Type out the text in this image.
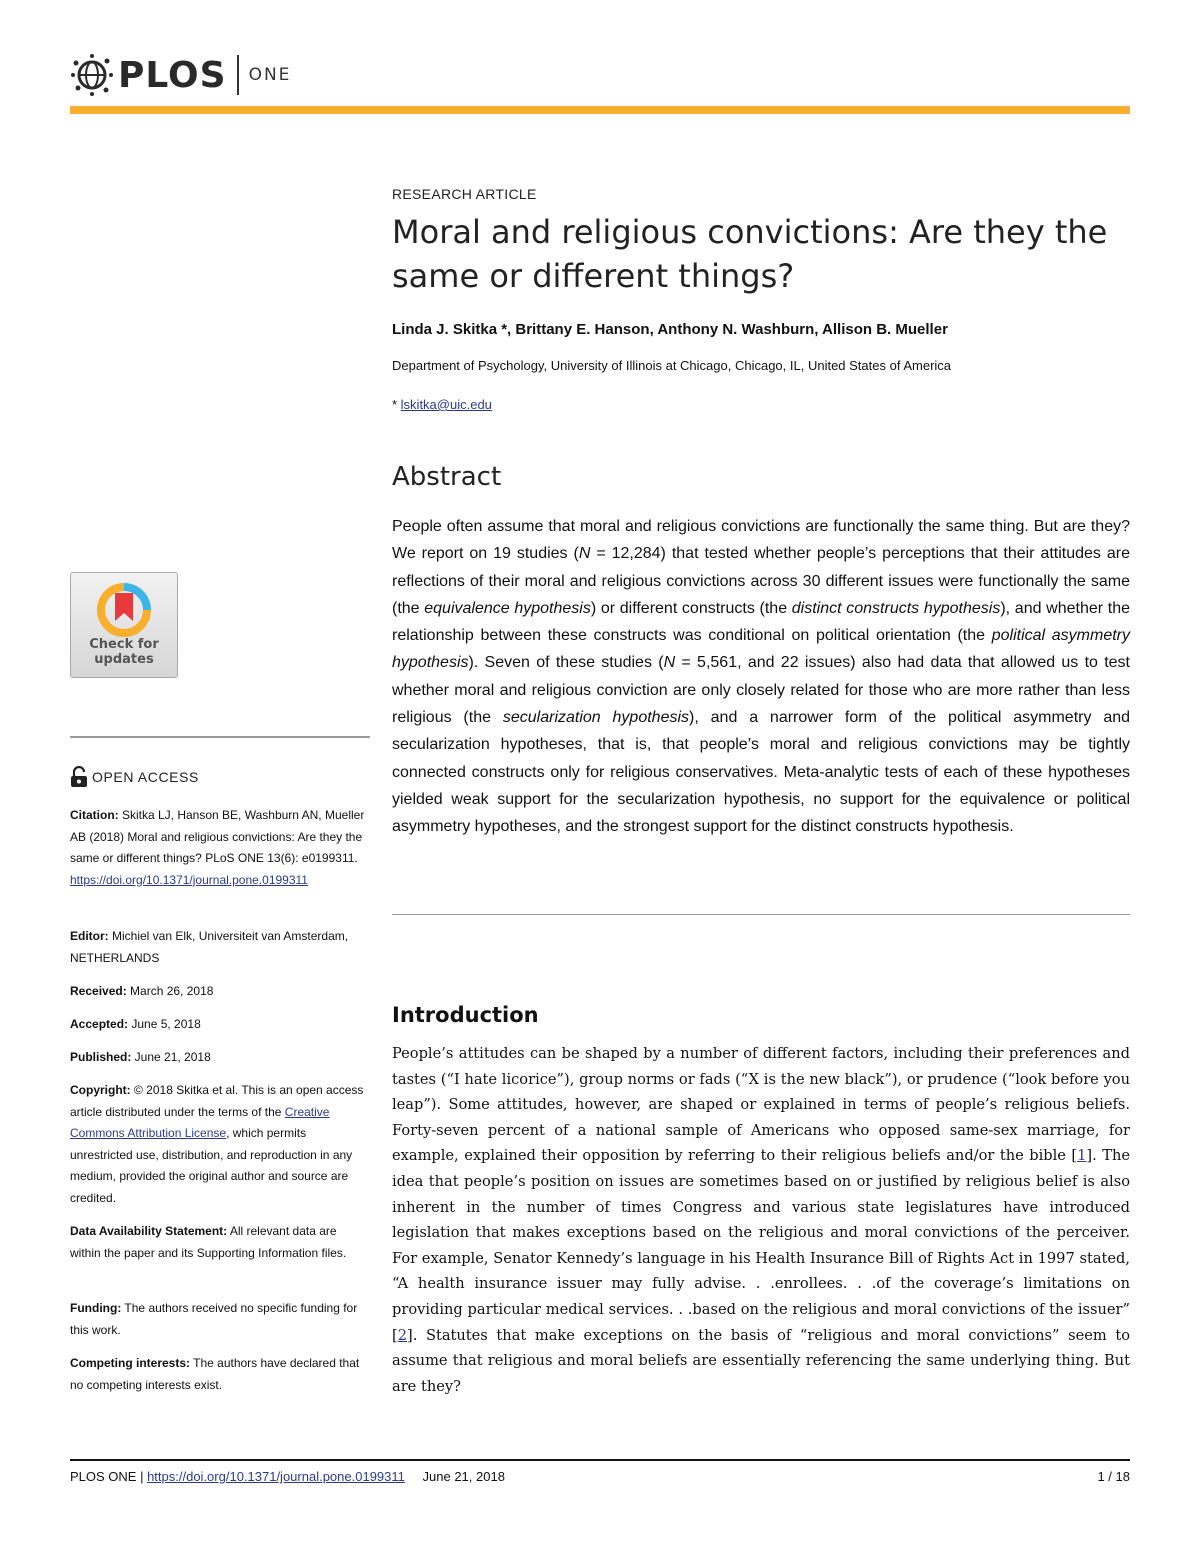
PLOS ONE
RESEARCH ARTICLE
Moral and religious convictions: Are they the same or different things?
Linda J. Skitka *, Brittany E. Hanson, Anthony N. Washburn, Allison B. Mueller
Department of Psychology, University of Illinois at Chicago, Chicago, IL, United States of America
* lskitka@uic.edu
Abstract

People often assume that moral and religious convictions are functionally the same thing. But are they? We report on 19 studies (N = 12,284) that tested whether people’s perceptions that their attitudes are reflections of their moral and religious convictions across 30 different issues were functionally the same (the equivalence hypothesis) or different constructs (the distinct constructs hypothesis), and whether the relationship between these constructs was conditional on political orientation (the political asymmetry hypothesis). Seven of these studies (N = 5,561, and 22 issues) also had data that allowed us to test whether moral and religious conviction are only closely related for those who are more rather than less religious (the secularization hypothesis), and a narrower form of the political asymmetry and secularization hypotheses, that is, that people’s moral and religious convictions may be tightly connected constructs only for religious conservatives. Meta-analytic tests of each of these hypotheses yielded weak support for the secularization hypothesis, no support for the equivalence or political asymmetry hypotheses, and the strongest support for the distinct constructs hypothesis.

Introduction

People’s attitudes can be shaped by a number of different factors, including their preferences and tastes (“I hate licorice”), group norms or fads (“X is the new black”), or prudence (“look before you leap”). Some attitudes, however, are shaped or explained in terms of people’s religious beliefs. Forty-seven percent of a national sample of Americans who opposed same-sex marriage, for example, explained their opposition by referring to their religious beliefs and/or the bible [1]. The idea that people’s position on issues are sometimes based on or justified by religious belief is also inherent in the number of times Congress and various state legislatures have introduced legislation that makes exceptions based on the religious and moral convictions of the perceiver. For example, Senator Kennedy’s language in his Health Insurance Bill of Rights Act in 1997 stated, “A health insurance issuer may fully advise. . .enrollees. . .of the coverage’s limitations on providing particular medical services. . .based on the religious and moral convictions of the issuer” [2]. Statutes that make exceptions on the basis of “religious and moral convictions” seem to assume that religious and moral beliefs are essentially referencing the same underlying thing. But are they?

Check for updates
OPEN ACCESS

Citation: Skitka LJ, Hanson BE, Washburn AN, Mueller AB (2018) Moral and religious convictions: Are they the same or different things? PLoS ONE 13(6): e0199311. https://doi.org/10.1371/journal.pone.0199311

Editor: Michiel van Elk, Universiteit van Amsterdam, NETHERLANDS

Received: March 26, 2018

Accepted: June 5, 2018

Published: June 21, 2018

Copyright: © 2018 Skitka et al. This is an open access article distributed under the terms of the Creative Commons Attribution License, which permits unrestricted use, distribution, and reproduction in any medium, provided the original author and source are credited.

Data Availability Statement: All relevant data are within the paper and its Supporting Information files.

Funding: The authors received no specific funding for this work.

Competing interests: The authors have declared that no competing interests exist.

PLOS ONE | https://doi.org/10.1371/journal.pone.0199311 June 21, 2018	1 / 18
